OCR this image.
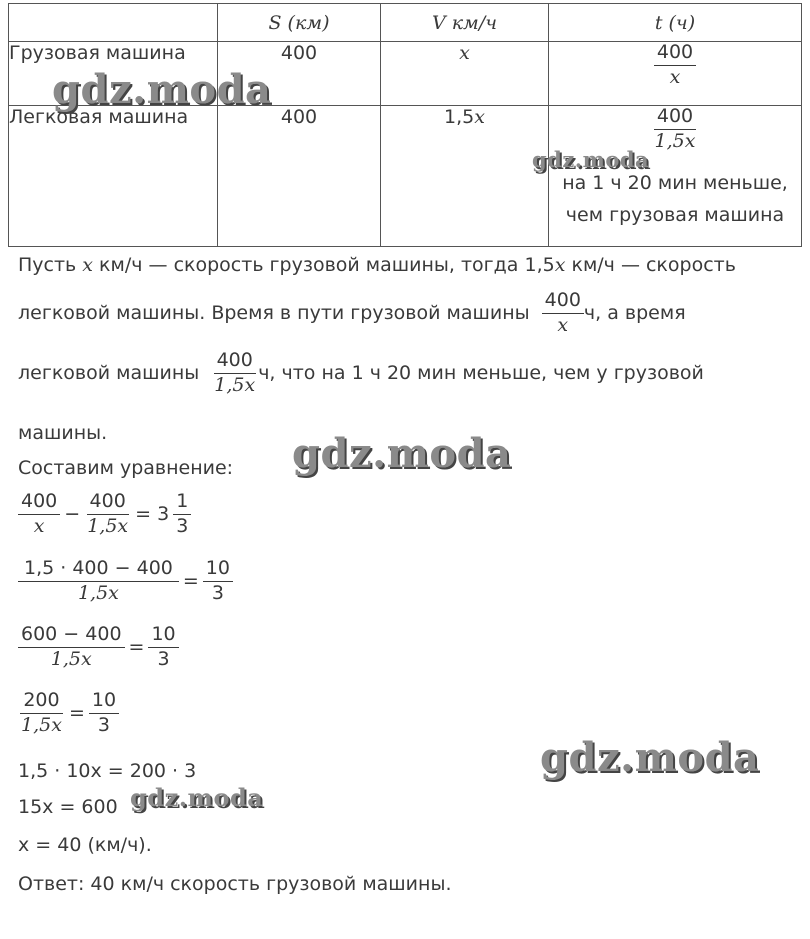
	S (км)	V км/ч	t (ч)
Грузовая машина	400	x	$\frac{400}{x}$

Легковая машина	400	1,5x	$\frac{400}{1,5x}$
на 1 ч 20 мин меньше,
чем грузовая машина
Пусть x км/ч — скорость грузовой машины, тогда 1,5x км/ч — скорость
легковой машины. Время в пути грузовой машины $\frac{400}{x} ч$, а время
легковой машины $\frac{400}{1,5x} ч$, что на 1 ч 20 мин меньше, чем у грузовой
машины.
Составим уравнение:
$\frac{400}{x} - \frac{400}{1,5x} = 3 \frac{1}{3}$
$\frac{1,5 \cdot 400 - 400}{1,5x} = \frac{10}{3}$
$\frac{600 - 400}{1,5x} = \frac{10}{3}$
$\frac{200}{1,5x} = \frac{10}{3}$
1,5 · 10x = 200 · 3
15x = 600
x = 40 (км/ч).
Ответ: 40 км/ч скорость грузовой машины.
gdz.moda
gdz.moda
gdz.moda
gdz.moda
gdz.moda
